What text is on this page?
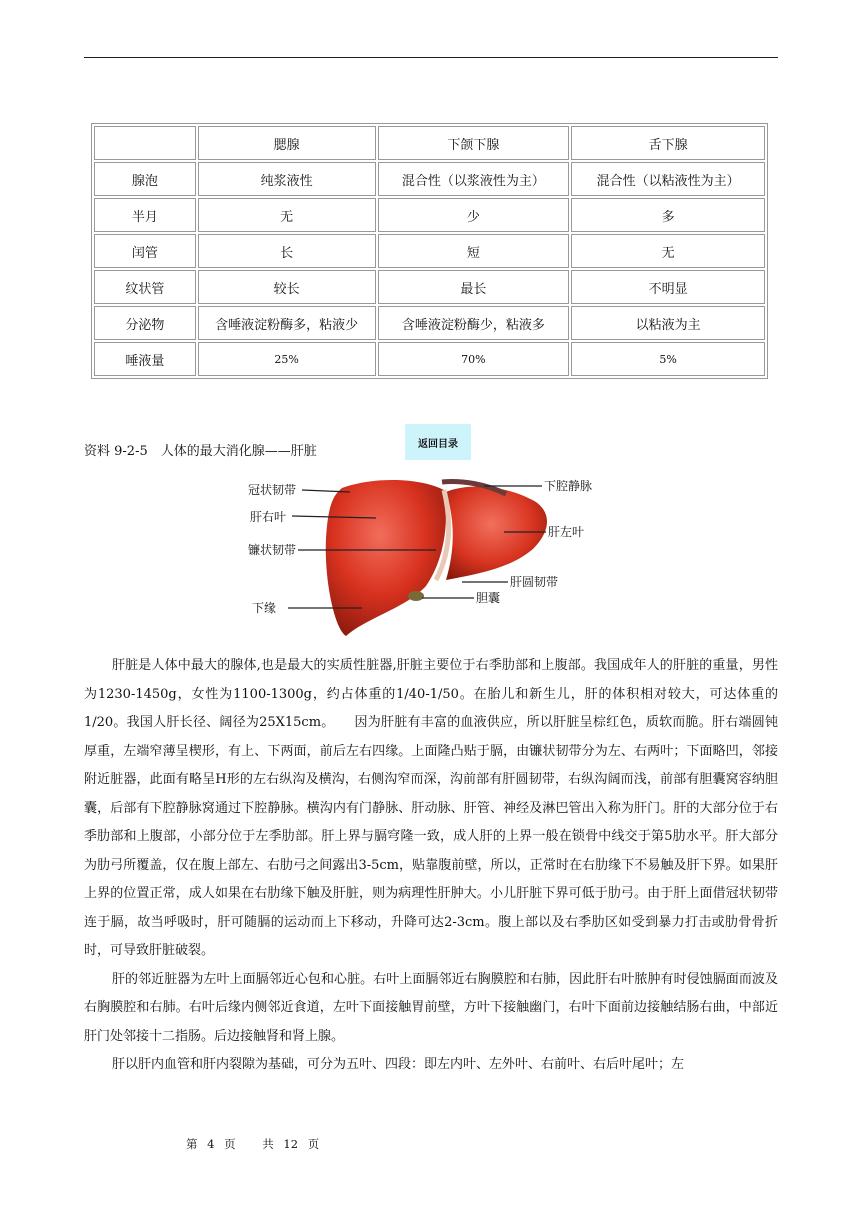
	腮腺	下颌下腺	舌下腺
腺泡	纯浆液性	混合性（以浆液性为主）	混合性（以粘液性为主）
半月	无	少	多
闰管	长	短	无
纹状管	较长	最长	不明显
分泌物	含唾液淀粉酶多，粘液少	含唾液淀粉酶少，粘液多	以粘液为主
唾液量	25%	70%	5%
资料 9-2-5　人体的最大消化腺——肝脏	返回目录
冠状韧带
肝右叶
镰状韧带
下缘
下腔静脉
肝左叶
肝圆韧带
胆囊

肝脏是人体中最大的腺体,也是最大的实质性脏器,肝脏主要位于右季肋部和上腹部。我国成年人的肝脏的重量，男性为1230-1450g，女性为1100-1300g，约占体重的1/40-1/50。在胎儿和新生儿，肝的体积相对较大，可达体重的1/20。我国人肝长径、阔径为25X15cm。　　因为肝脏有丰富的血液供应，所以肝脏呈棕红色，质软而脆。肝右端圆钝厚重，左端窄薄呈楔形，有上、下两面，前后左右四缘。上面隆凸贴于膈，由镰状韧带分为左、右两叶；下面略凹，邻接附近脏器，此面有略呈H形的左右纵沟及横沟，右侧沟窄而深，沟前部有肝圆韧带，右纵沟阔而浅，前部有胆囊窝容纳胆囊，后部有下腔静脉窝通过下腔静脉。横沟内有门静脉、肝动脉、肝管、神经及淋巴管出入称为肝门。肝的大部分位于右季肋部和上腹部，小部分位于左季肋部。肝上界与膈穹隆一致，成人肝的上界一般在锁骨中线交于第5肋水平。肝大部分为肋弓所覆盖，仅在腹上部左、右肋弓之间露出3-5cm，贴靠腹前壁，所以，正常时在右肋缘下不易触及肝下界。如果肝上界的位置正常，成人如果在右肋缘下触及肝脏，则为病理性肝肿大。小儿肝脏下界可低于肋弓。由于肝上面借冠状韧带连于膈，故当呼吸时，肝可随膈的运动而上下移动，升降可达2-3cm。腹上部以及右季肋区如受到暴力打击或肋骨骨折时，可导致肝脏破裂。

肝的邻近脏器为左叶上面膈邻近心包和心脏。右叶上面膈邻近右胸膜腔和右肺，因此肝右叶脓肿有时侵蚀膈面而波及右胸膜腔和右肺。右叶后缘内侧邻近食道，左叶下面接触胃前壁，方叶下接触幽门，右叶下面前边接触结肠右曲，中部近肝门处邻接十二指肠。后边接触肾和肾上腺。

肝以肝内血管和肝内裂隙为基础，可分为五叶、四段：即左内叶、左外叶、右前叶、右后叶尾叶；左

第 4 页 共 12 页
